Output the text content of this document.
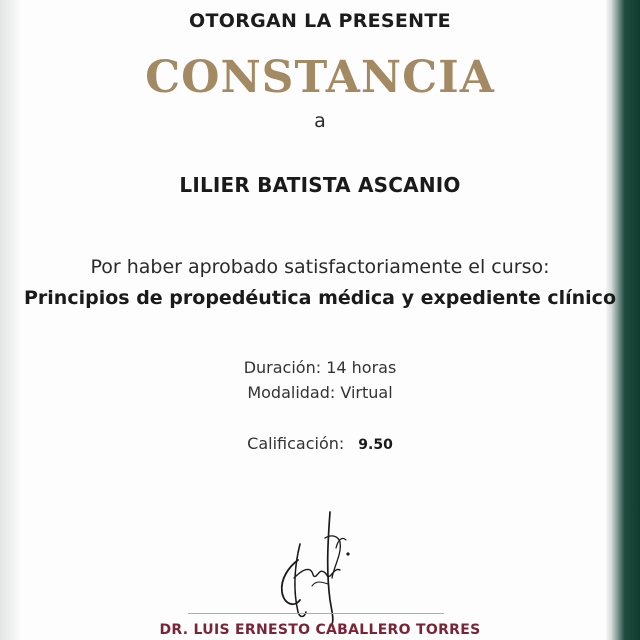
OTORGAN LA PRESENTE
CONSTANCIA
a
LILIER BATISTA ASCANIO
Por haber aprobado satisfactoriamente el curso:
Principios de propedéutica médica y expediente clínico
Duración: 14 horas
Modalidad: Virtual
Calificación: 9.50
DR. LUIS ERNESTO CABALLERO TORRES
